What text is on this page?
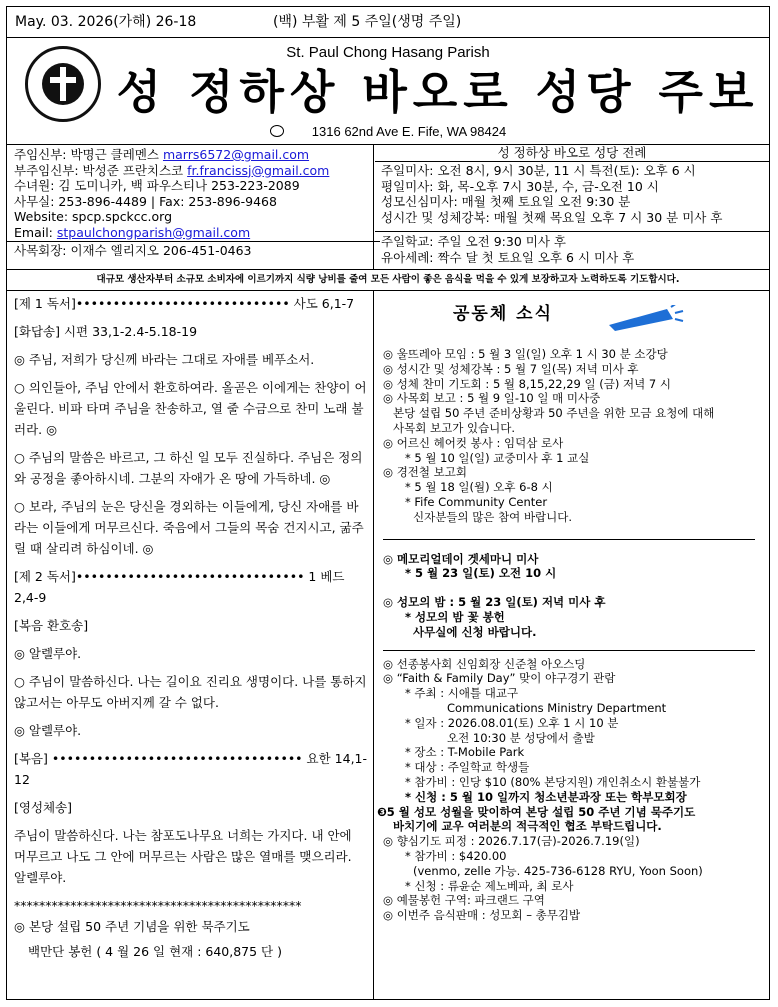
May. 03. 2026(가해) 26-18	(백) 부활 제 5 주일(생명 주일)
St. Paul Chong Hasang Parish
성 정하상 바오로 성당 주보
1316 62nd Ave E. Fife, WA 98424
주임신부: 박명근 클레멘스 marrs6572@gmail.com
부주임신부: 박성준 프란치스코 fr.francissj@gmail.com
수녀원: 김 도미니카, 백 파우스티나 253-223-2089
사무실: 253-896-4489 | Fax: 253-896-9468
Website: spcp.spckcc.org
Email: stpaulchongparish@gmail.com
사목회장: 이재수 엘리지오 206-451-0463
성 정하상 바오로 성당 전례
주일미사: 오전 8시, 9시 30분, 11 시 특전(토): 오후 6 시
평일미사: 화, 목-오후 7시 30분, 수, 금-오전 10 시
성모신심미사: 매월 첫째 토요일 오전 9:30 분
성시간 및 성체강복: 매월 첫째 목요일 오후 7 시 30 분 미사 후
주일학교: 주일 오전 9:30 미사 후
유아세례: 짝수 달 첫 토요일 오후 6 시 미사 후
대규모 생산자부터 소규모 소비자에 이르기까지 식량 낭비를 줄여 모든 사람이 좋은 음식을 먹을 수 있게 보장하고자 노력하도록 기도합시다.

[제 1 독서]••••••••••••••••••••••••••••• 사도 6,1-7

[화답송] 시편 33,1-2.4-5.18-19

◎ 주님, 저희가 당신께 바라는 그대로 자애를 베푸소서.

○ 의인들아, 주님 안에서 환호하여라. 올곧은 이에게는 찬양이 어울린다. 비파 타며 주님을 찬송하고, 열 줄 수금으로 찬미 노래 불러라. ◎

○ 주님의 말씀은 바르고, 그 하신 일 모두 진실하다. 주님은 정의와 공정을 좋아하시네. 그분의 자애가 온 땅에 가득하네. ◎

○ 보라, 주님의 눈은 당신을 경외하는 이들에게, 당신 자애를 바라는 이들에게 머무르신다. 죽음에서 그들의 목숨 건지시고, 굶주릴 때 살리려 하심이네. ◎

[제 2 독서]••••••••••••••••••••••••••••••• 1 베드 2,4-9

[복음 환호송]

◎ 알렐루야.

○ 주님이 말씀하신다. 나는 길이요 진리요 생명이다. 나를 통하지 않고서는 아무도 아버지께 갈 수 없다.

◎ 알렐루야.

[복음] •••••••••••••••••••••••••••••••••• 요한 14,1-12

[영성체송]

주님이 말씀하신다. 나는 참포도나무요 너희는 가지다. 내 안에 머무르고 나도 그 안에 머무르는 사람은 많은 열매를 맺으리라. 알렐루야.

**********************************************

◎ 본당 설립 50 주년 기념을 위한 묵주기도

백만단 봉헌 ( 4 월 26 일 현재 : 640,875 단 )

공동체 소식
◎ 울뜨레아 모임 : 5 월 3 일(일) 오후 1 시 30 분 소강당
◎ 성시간 및 성체강복 : 5 월 7 일(목) 저녁 미사 후
◎ 성체 찬미 기도회 : 5 월 8,15,22,29 일 (금) 저녁 7 시
◎ 사목회 보고 : 5 월 9 일-10 일 매 미사중
본당 설립 50 주년 준비상황과 50 주년을 위한 모금 요청에 대해
사목회 보고가 있습니다.
◎ 어르신 헤어컷 봉사 : 임덕삼 로사
* 5 월 10 일(일) 교중미사 후 1 교실
◎ 경전철 보고회
* 5 월 18 일(월) 오후 6-8 시
* Fife Community Center
신자분들의 많은 참여 바랍니다.
◎ 메모리얼데이 겟세마니 미사
* 5 월 23 일(토) 오전 10 시
◎ 성모의 밤 : 5 월 23 일(토) 저녁 미사 후
* 성모의 밤 꽃 봉헌
사무실에 신청 바랍니다.
◎ 선종봉사회 신임회장 신준철 아오스딩
◎ “Faith & Family Day” 맞이 야구경기 관람
* 주최 : 시애틀 대교구
Communications Ministry Department
* 일자 : 2026.08.01(토) 오후 1 시 10 분
오전 10:30 분 성당에서 출발
* 장소 : T-Mobile Park
* 대상 : 주일학교 학생들
* 참가비 : 인당 $10 (80% 본당지원) 개인취소시 환불불가
* 신청 : 5 월 10 일까지 청소년분과장 또는 학부모회장
❸5 월 성모 성월을 맞이하여 본당 설립 50 주년 기념 묵주기도
바치기에 교우 여러분의 적극적인 협조 부탁드립니다.
◎ 향심기도 피정 : 2026.7.17(금)-2026.7.19(일)
* 참가비 : $420.00
(venmo, zelle 가능. 425-736-6128 RYU, Yoon Soon)
* 신청 : 류윤순 제노베파, 최 로사
◎ 예물봉헌 구역: 파크랜드 구역
◎ 이번주 음식판매 : 성모회 – 총무김밥
